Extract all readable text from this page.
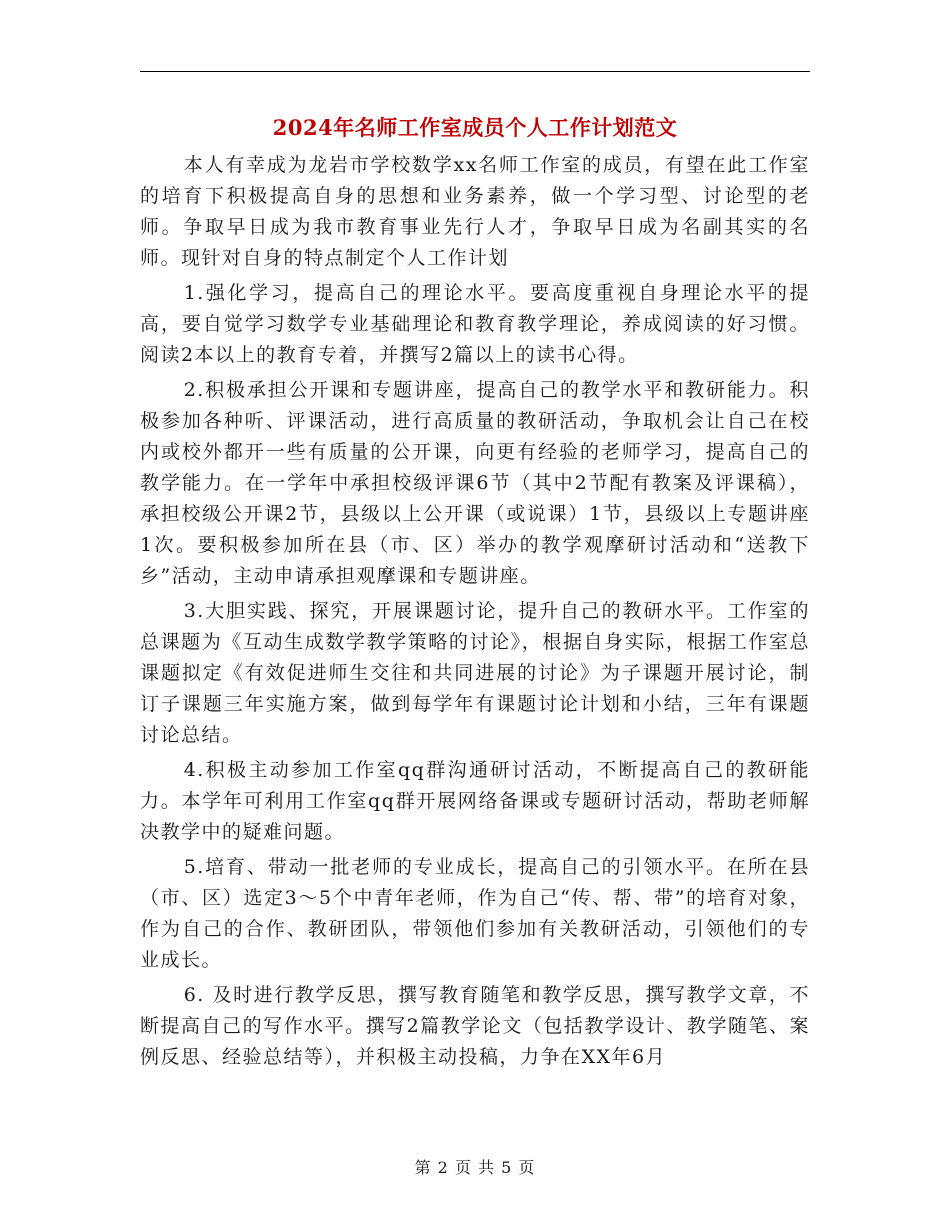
2024年名师工作室成员个人工作计划范文

本人有幸成为龙岩市学校数学xx名师工作室的成员，有望在此工作室的培育下积极提高自身的思想和业务素养，做一个学习型、讨论型的老师。争取早日成为我市教育事业先行人才，争取早日成为名副其实的名师。现针对自身的特点制定个人工作计划

1.强化学习，提高自己的理论水平。要高度重视自身理论水平的提高，要自觉学习数学专业基础理论和教育教学理论，养成阅读的好习惯。阅读2本以上的教育专着，并撰写2篇以上的读书心得。

2.积极承担公开课和专题讲座，提高自己的教学水平和教研能力。积极参加各种听、评课活动，进行高质量的教研活动，争取机会让自己在校内或校外都开一些有质量的公开课，向更有经验的老师学习，提高自己的教学能力。在一学年中承担校级评课6节（其中2节配有教案及评课稿），承担校级公开课2节，县级以上公开课（或说课）1节，县级以上专题讲座1次。要积极参加所在县（市、区）举办的教学观摩研讨活动和“送教下乡”活动，主动申请承担观摩课和专题讲座。

3.大胆实践、探究，开展课题讨论，提升自己的教研水平。工作室的总课题为《互动生成数学教学策略的讨论》，根据自身实际，根据工作室总课题拟定《有效促进师生交往和共同进展的讨论》为子课题开展讨论，制订子课题三年实施方案，做到每学年有课题讨论计划和小结，三年有课题讨论总结。

4.积极主动参加工作室qq群沟通研讨活动，不断提高自己的教研能力。本学年可利用工作室qq群开展网络备课或专题研讨活动，帮助老师解决教学中的疑难问题。

5.培育、带动一批老师的专业成长，提高自己的引领水平。在所在县（市、区）选定3～5个中青年老师，作为自己“传、帮、带”的培育对象，作为自己的合作、教研团队，带领他们参加有关教研活动，引领他们的专业成长。

6. 及时进行教学反思，撰写教育随笔和教学反思，撰写教学文章，不断提高自己的写作水平。撰写2篇教学论文（包括教学设计、教学随笔、案例反思、经验总结等），并积极主动投稿，力争在XX年6月

第 2 页 共 5 页
